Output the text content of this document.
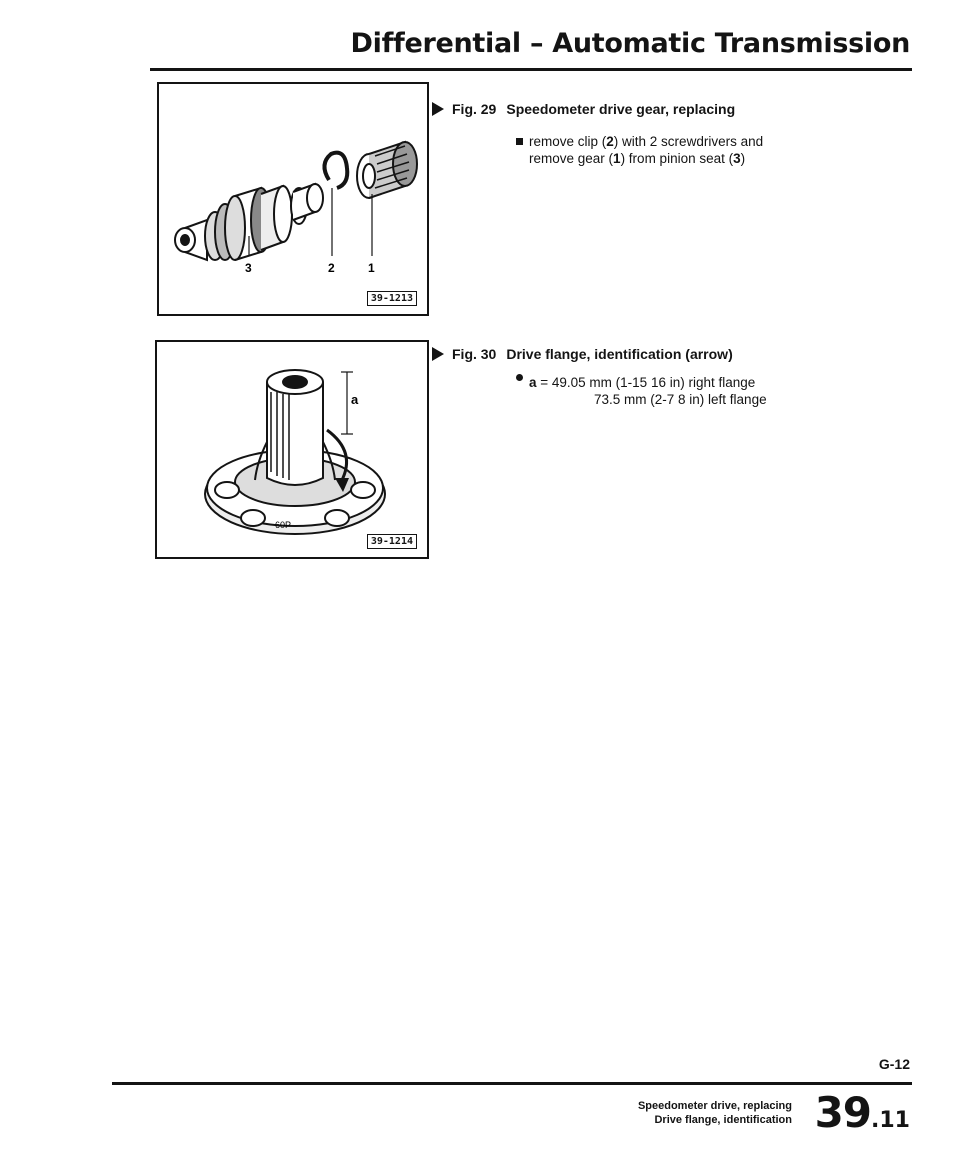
Differential – Automatic Transmission
3	2	1
39-1213
a
60P
39-1214
Fig. 29 Speedometer drive gear, replacing
remove clip (2) with 2 screwdrivers and
remove gear (1) from pinion seat (3)
Fig. 30 Drive flange, identification (arrow)
a = 49.05 mm (1-15 16 in) right flange
73.5 mm (2-7 8 in) left flange
G-12
Speedometer drive, replacing
Drive flange, identification 39.11
